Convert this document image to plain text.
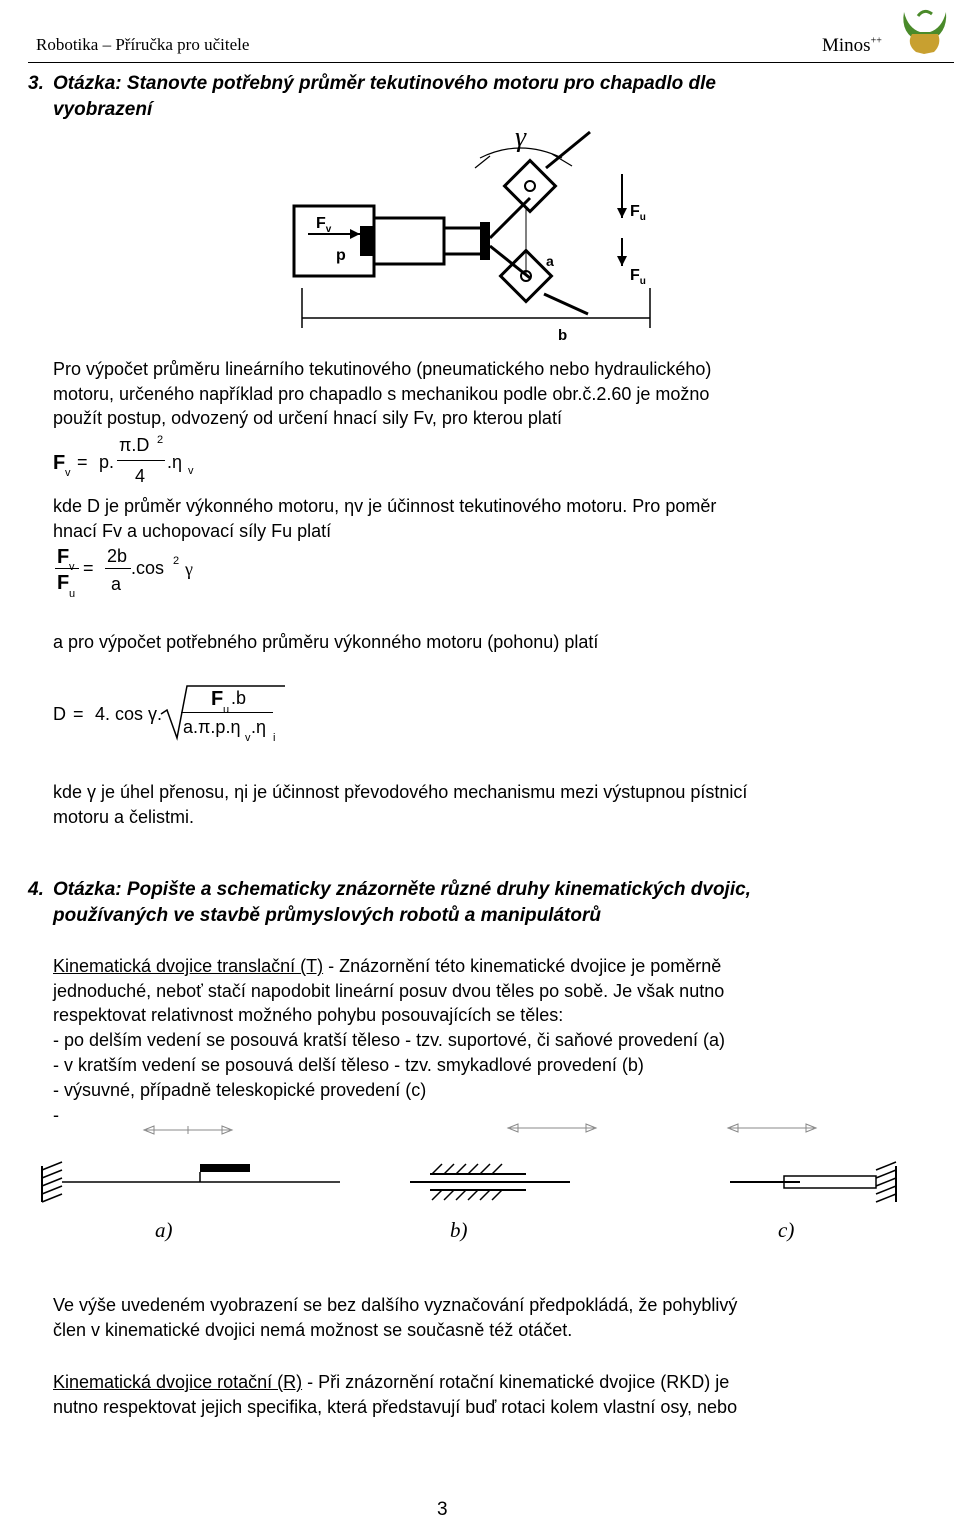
Robotika – Příručka pro učitele	Minos++
3. Otázka: Stanovte potřebný průměr tekutinového motoru pro chapadlo dle
vyobrazení
γ
$F_v$
p	a
$F_u$
$F_u$
b
Pro výpočet průměru lineárního tekutinového (pneumatického nebo hydraulického)
motoru, určeného například pro chapadlo s mechanikou podle obr.č.2.60 je možno
použít postup, odvozený od určení hnací sily Fv, pro kterou platí
F v
= p.
π.D 2
4
.η v
kde D je průměr výkonného motoru, ηv je účinnost tekutinového motoru. Pro poměr
hnací Fv a uchopovací síly Fu platí
F v
F u
=
2b
a
.cos 2 γ
a pro výpočet potřebného průměru výkonného motoru (pohonu) platí
D = 4. cos γ.
F u
.b
a.π.p.η
v
.η
i
kde γ je úhel přenosu, ηi je účinnost převodového mechanismu mezi výstupnou pístnicí
motoru a čelistmi.
4. Otázka: Popište a schematicky znázorněte různé druhy kinematických dvojic,
používaných ve stavbě průmyslových robotů a manipulátorů
Kinematická dvojice translační (T) - Znázornění této kinematické dvojice je poměrně
jednoduché, neboť stačí napodobit lineární posuv dvou těles po sobě. Je však nutno
respektovat relativnost možného pohybu posouvajících se těles:
- po delším vedení se posouvá kratší těleso - tzv. suportové, či saňové provedení (a)
- v kratším vedení se posouvá delší těleso - tzv. smykadlové provedení (b)
- výsuvné, případně teleskopické provedení (c)
-
a)	b)	c)
Ve výše uvedeném vyobrazení se bez dalšího vyznačování předpokládá, že pohyblivý
člen v kinematické dvojici nemá možnost se současně též otáčet.
Kinematická dvojice rotační (R) - Při znázornění rotační kinematické dvojice (RKD) je
nutno respektovat jejich specifika, která představují buď rotaci kolem vlastní osy, nebo
3
